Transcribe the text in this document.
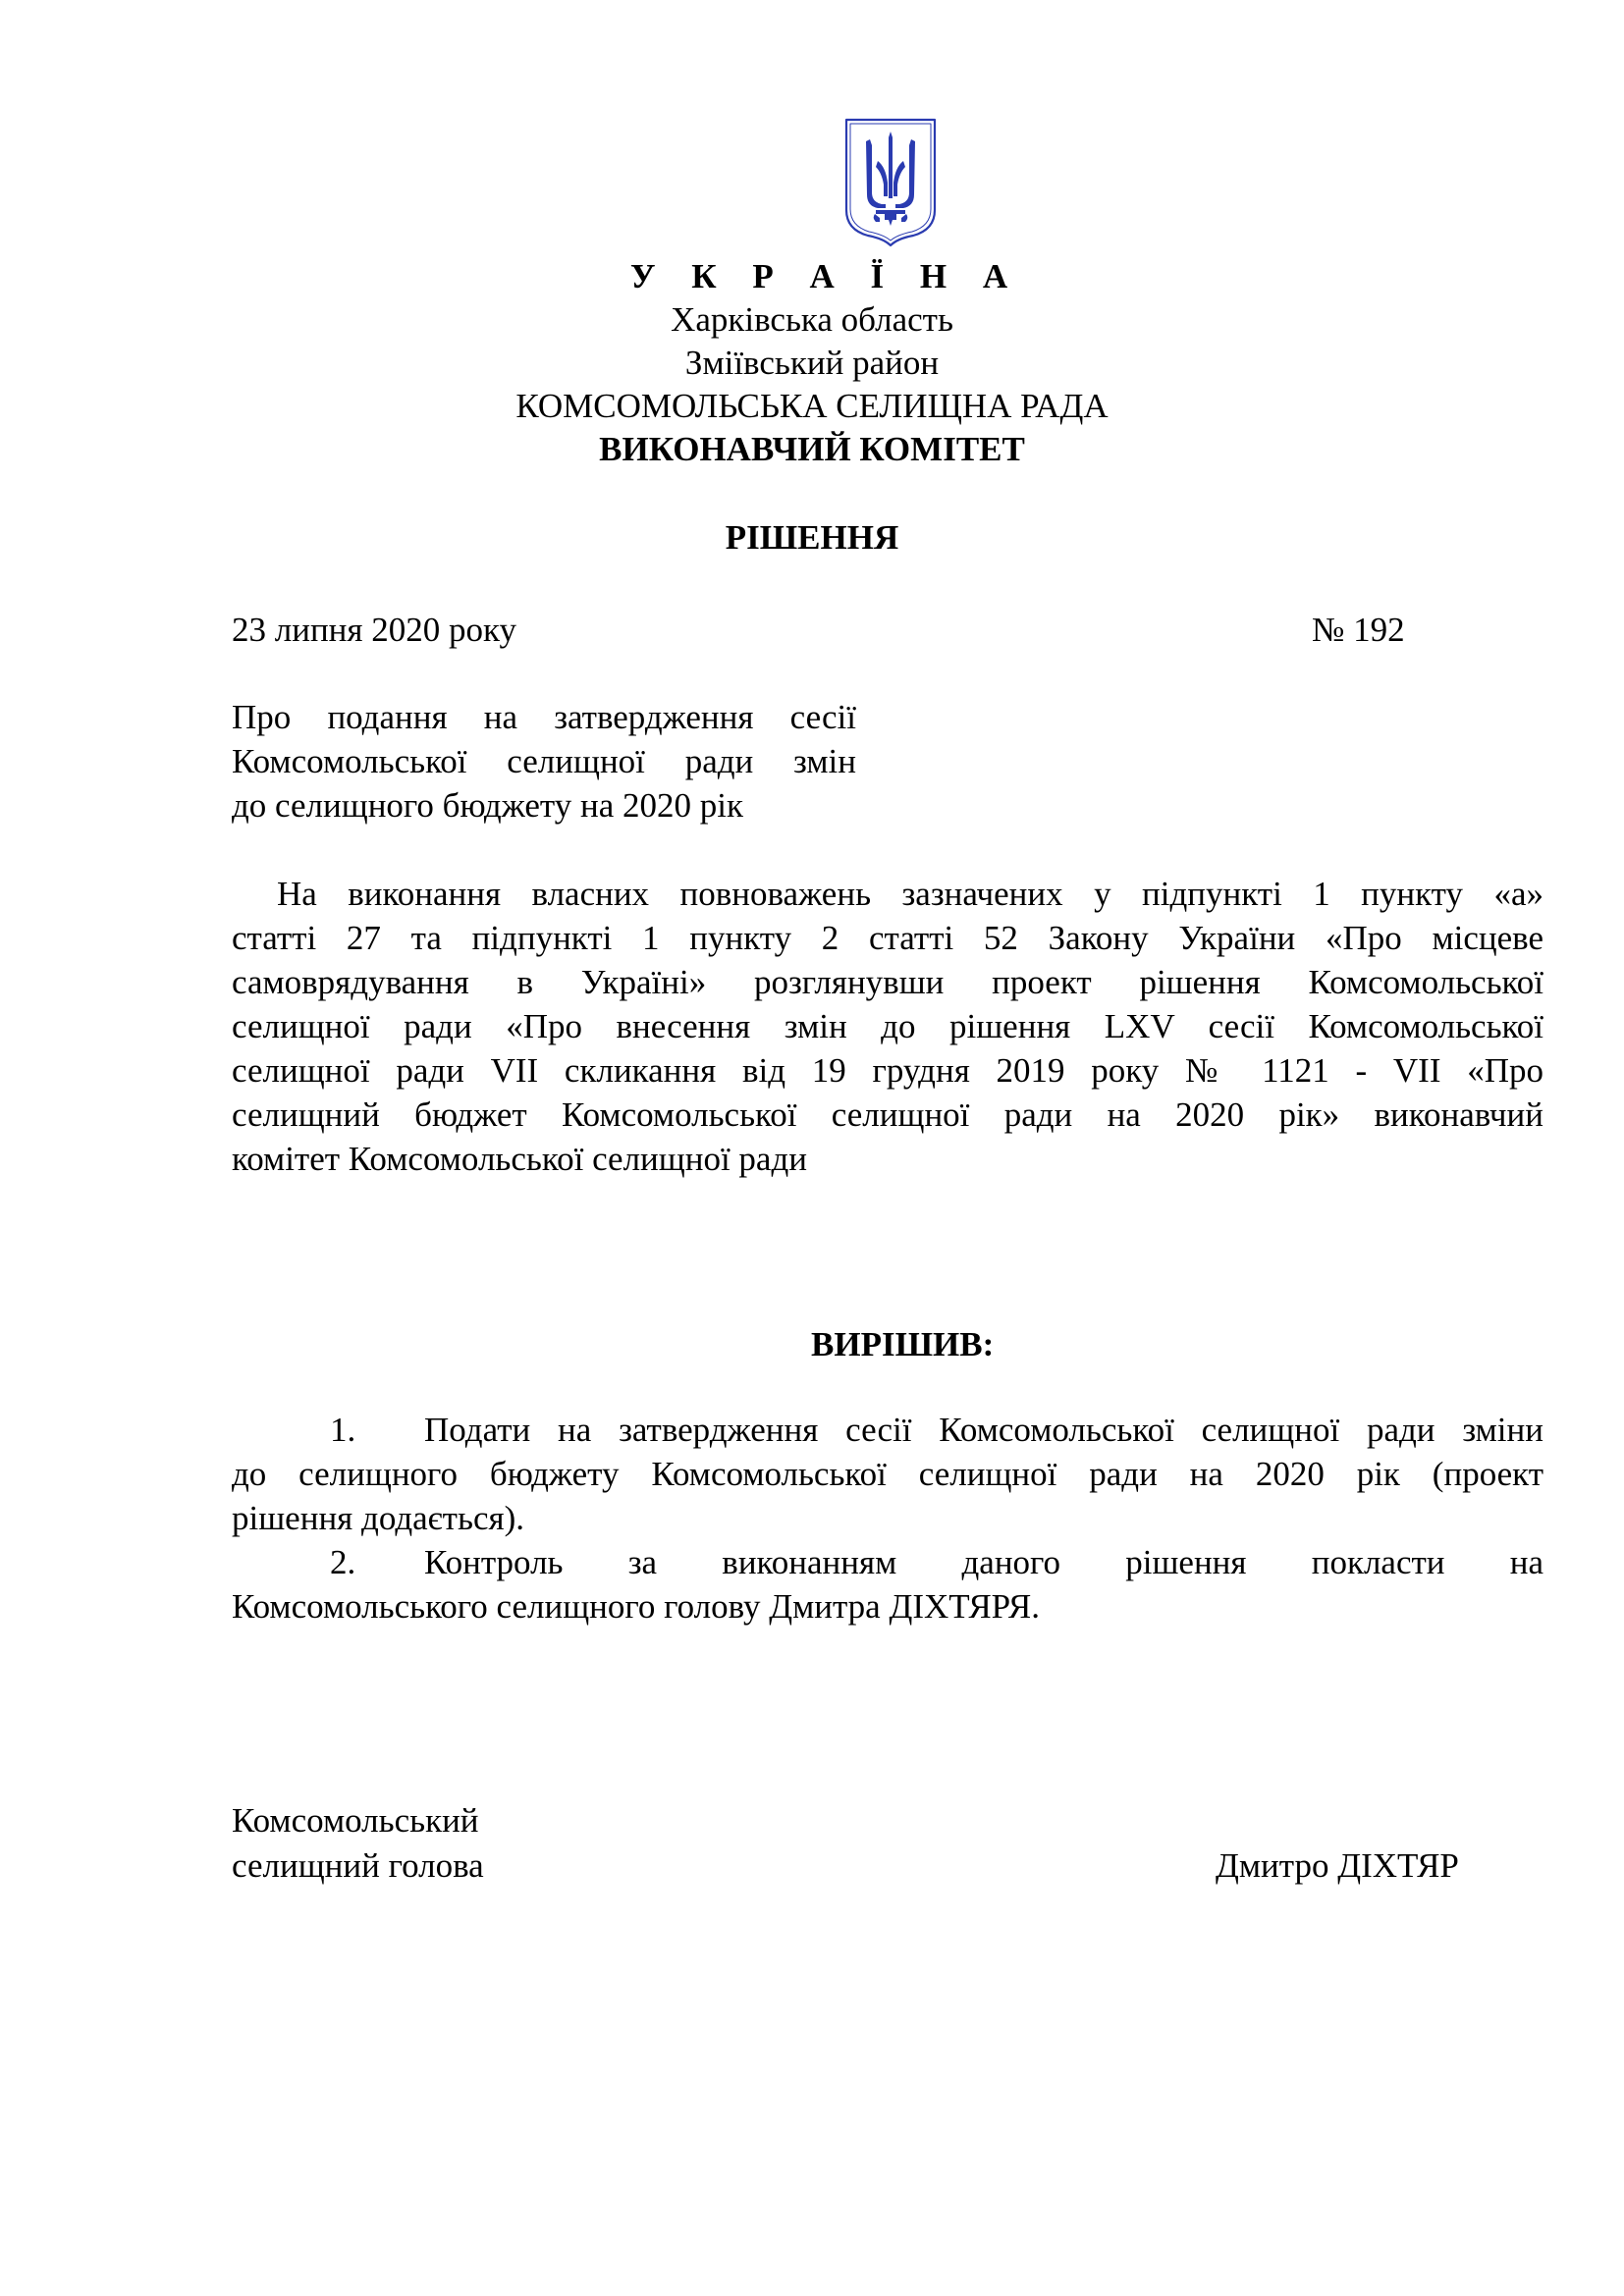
У К Р А Ї Н А
Харківська область
Зміївський район
КОМСОМОЛЬСЬКА СЕЛИЩНА РАДА
ВИКОНАВЧИЙ КОМІТЕТ
РІШЕННЯ
23 липня 2020 року	№ 192
Про подання на затвердження сесії
Комсомольської селищної ради змін
до селищного бюджету на 2020 рік
На виконання власних повноважень зазначених у підпункті 1 пункту «а»
статті 27 та підпункті 1 пункту 2 статті 52 Закону України «Про місцеве
самоврядування в Україні» розглянувши проект рішення Комсомольської
селищної ради «Про внесення змін до рішення LXV сесії Комсомольської
селищної ради VII скликання від 19 грудня 2019 року № 1121 - VII «Про
селищний бюджет Комсомольської селищної ради на 2020 рік» виконавчий
комітет Комсомольської селищної ради
ВИРІШИВ:
1.	Подати на затвердження сесії Комсомольської селищної ради зміни
до селищного бюджету Комсомольської селищної ради на 2020 рік (проект
рішення додається).
2.	Контроль за виконанням даного рішення покласти на
Комсомольського селищного голову Дмитра ДІХТЯРЯ.
Комсомольський
селищний голова	Дмитро ДІХТЯР
